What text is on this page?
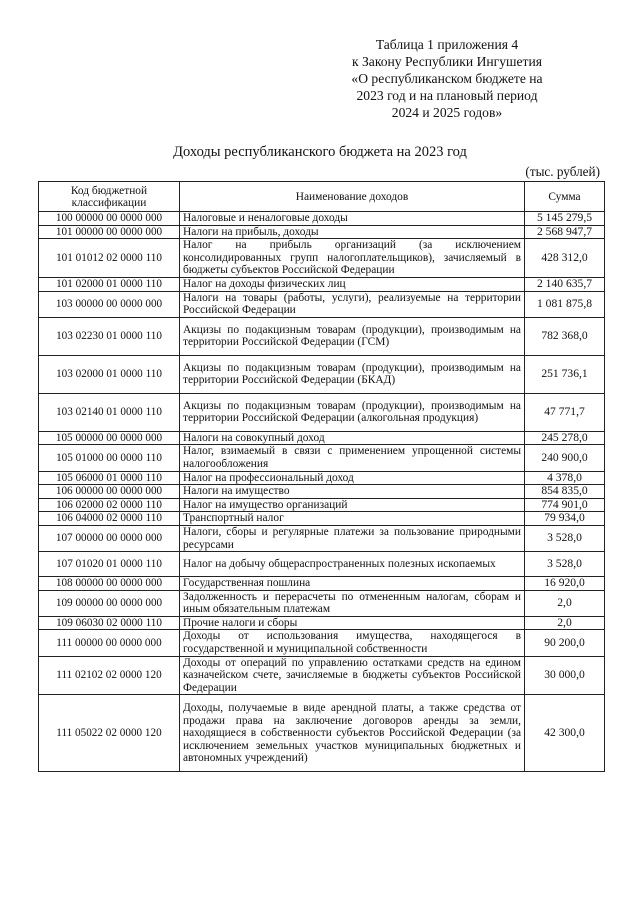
Таблица 1 приложения 4
к Закону Республики Ингушетия
«О республиканском бюджете на
2023 год и на плановый период
2024 и 2025 годов»
Доходы республиканского бюджета на 2023 год
(тыс. рублей)
Код бюджетной классификации	Наименование доходов	Сумма
100 00000 00 0000 000	Налоговые и неналоговые доходы	5 145 279,5
101 00000 00 0000 000	Налоги на прибыль, доходы	2 568 947,7
101 01012 02 0000 110	Налог на прибыль организаций (за исключением консолидированных групп налогоплательщиков), зачисляемый в бюджеты субъектов Российской Федерации	428 312,0
101 02000 01 0000 110	Налог на доходы физических лиц	2 140 635,7
103 00000 00 0000 000	Налоги на товары (работы, услуги), реализуемые на территории Российской Федерации	1 081 875,8
103 02230 01 0000 110	Акцизы по подакцизным товарам (продукции), производимым на территории Российской Федерации (ГСМ)	782 368,0
103 02000 01 0000 110	Акцизы по подакцизным товарам (продукции), производимым на территории Российской Федерации (БКАД)	251 736,1
103 02140 01 0000 110	Акцизы по подакцизным товарам (продукции), производимым на территории Российской Федерации (алкогольная продукция)	47 771,7
105 00000 00 0000 000	Налоги на совокупный доход	245 278,0
105 01000 00 0000 110	Налог, взимаемый в связи с применением упрощенной системы налогообложения	240 900,0
105 06000 01 0000 110	Налог на профессиональный доход	4 378,0
106 00000 00 0000 000	Налоги на имущество	854 835,0
106 02000 02 0000 110	Налог на имущество организаций	774 901,0
106 04000 02 0000 110	Транспортный налог	79 934,0
107 00000 00 0000 000	Налоги, сборы и регулярные платежи за пользование природными ресурсами	3 528,0
107 01020 01 0000 110	Налог на добычу общераспространенных полезных ископаемых	3 528,0
108 00000 00 0000 000	Государственная пошлина	16 920,0
109 00000 00 0000 000	Задолженность и перерасчеты по отмененным налогам, сборам и иным обязательным платежам	2,0
109 06030 02 0000 110	Прочие налоги и сборы	2,0
111 00000 00 0000 000	Доходы от использования имущества, находящегося в государственной и муниципальной собственности	90 200,0
111 02102 02 0000 120	Доходы от операций по управлению остатками средств на едином казначейском счете, зачисляемые в бюджеты субъектов Российской Федерации	30 000,0
111 05022 02 0000 120	Доходы, получаемые в виде арендной платы, а также средства от продажи права на заключение договоров аренды за земли, находящиеся в собственности субъектов Российской Федерации (за исключением земельных участков муниципальных бюджетных и автономных учреждений)	42 300,0
